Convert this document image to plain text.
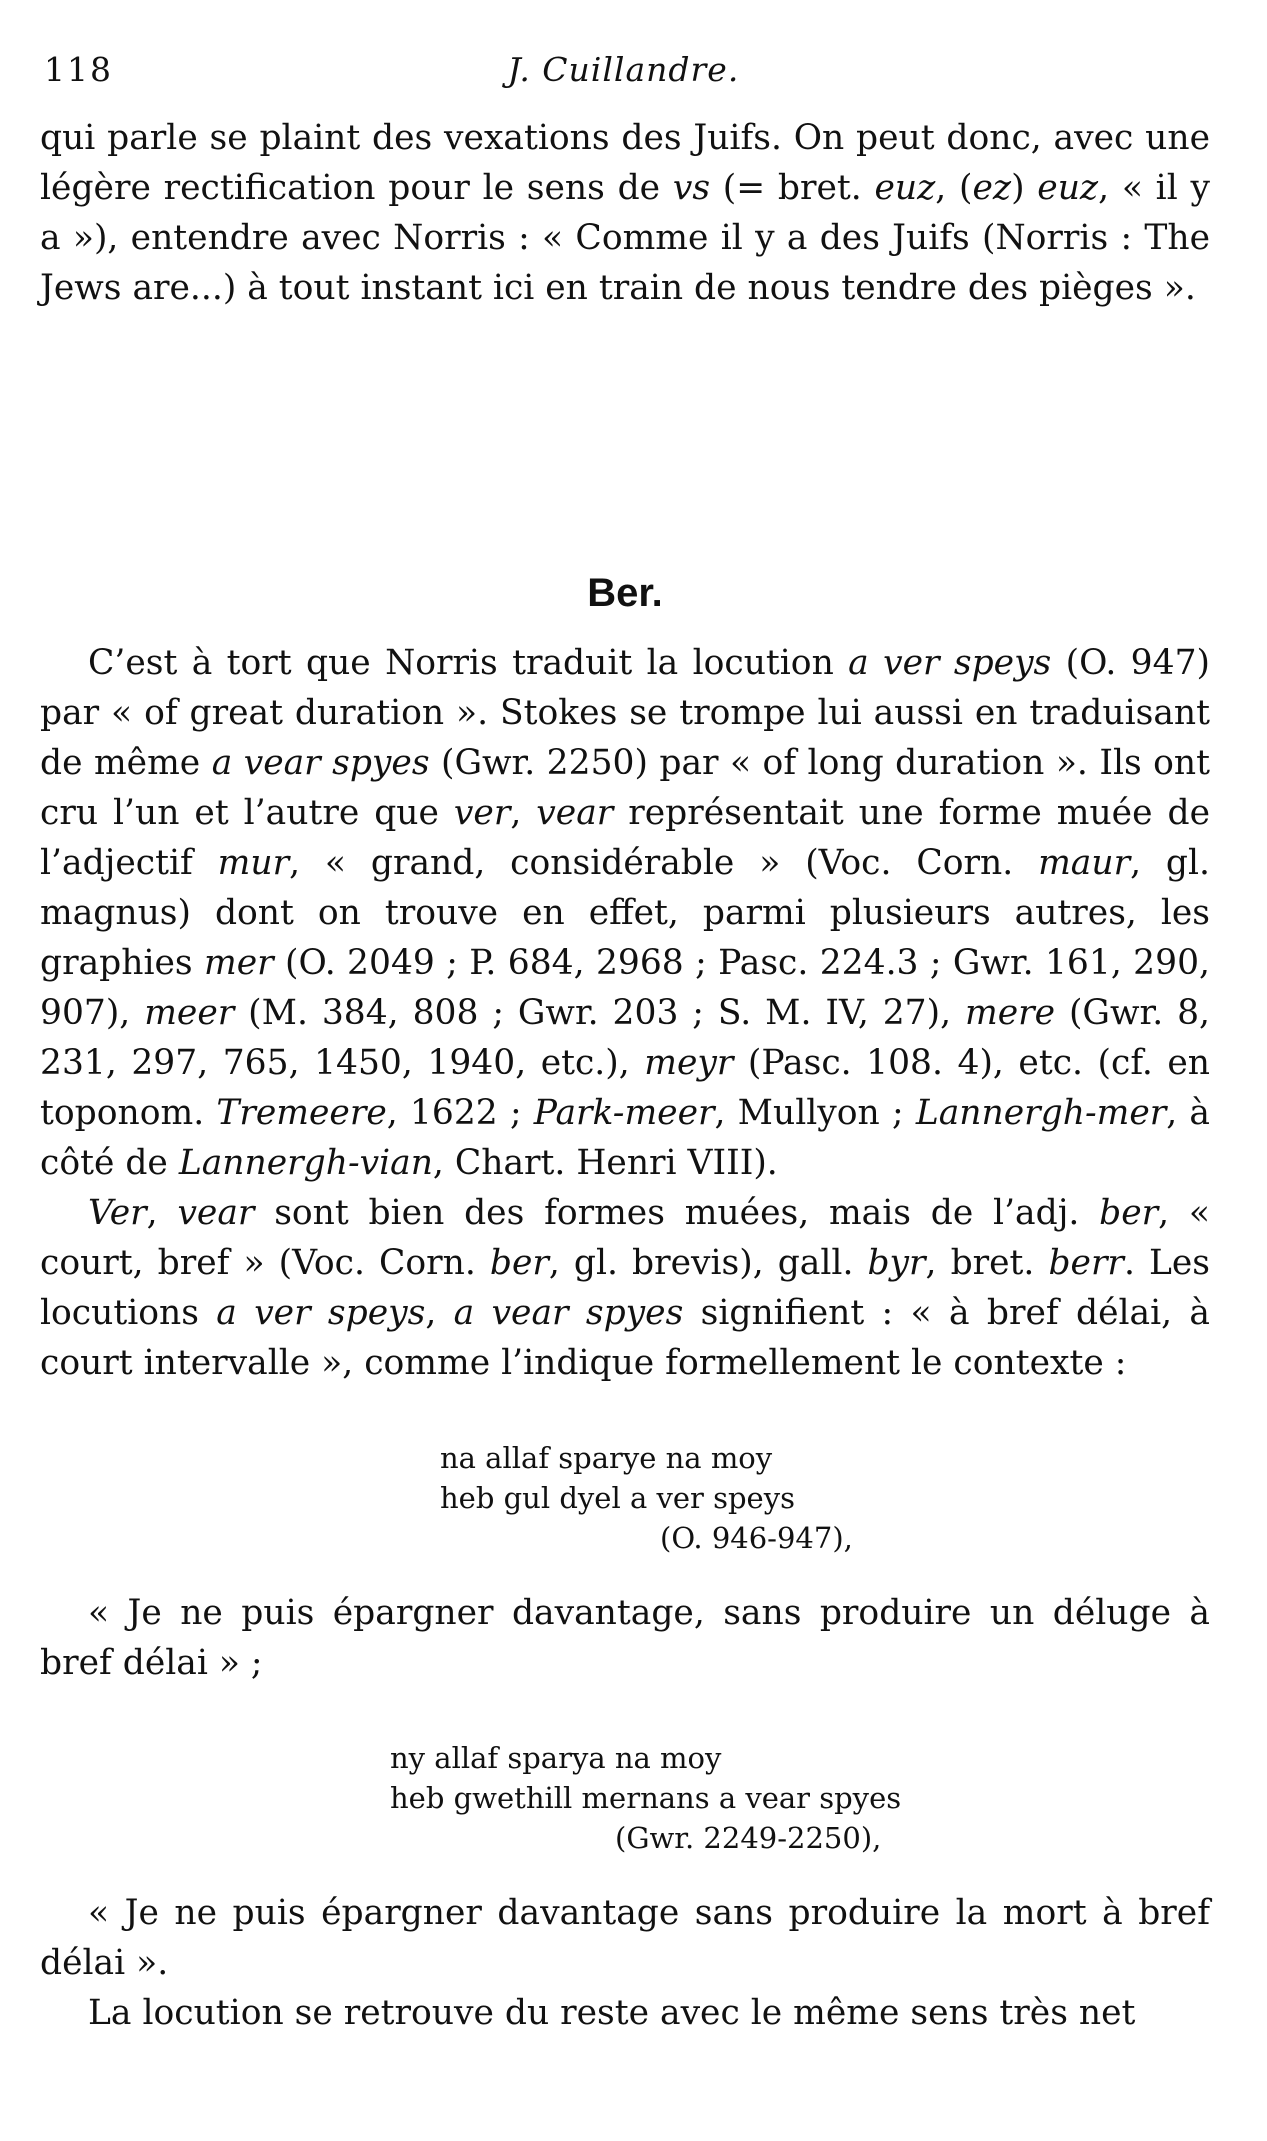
118	J. Cuillandre.

qui parle se plaint des vexations des Juifs. On peut donc, avec une légère rectification pour le sens de vs (= bret. euz, (ez) euz, « il y a »), entendre avec Norris : « Comme il y a des Juifs (Norris : The Jews are...) à tout instant ici en train de nous tendre des pièges ».

Ber.

C’est à tort que Norris traduit la locution a ver speys (O. 947) par « of great duration ». Stokes se trompe lui aussi en traduisant de même a vear spyes (Gwr. 2250) par « of long duration ». Ils ont cru l’un et l’autre que ver, vear représentait une forme muée de l’adjectif mur, « grand, considérable » (Voc. Corn. maur, gl. magnus) dont on trouve en effet, parmi plusieurs autres, les graphies mer (O. 2049 ; P. 684, 2968 ; Pasc. 224.3 ; Gwr. 161, 290, 907), meer (M. 384, 808 ; Gwr. 203 ; S. M. IV, 27), mere (Gwr. 8, 231, 297, 765, 1450, 1940, etc.), meyr (Pasc. 108. 4), etc. (cf. en toponom. Tremeere, 1622 ; Park-meer, Mullyon ; Lannergh-mer, à côté de Lannergh-vian, Chart. Henri VIII).

Ver, vear sont bien des formes muées, mais de l’adj. ber, « court, bref » (Voc. Corn. ber, gl. brevis), gall. byr, bret. berr. Les locutions a ver speys, a vear spyes signifient : « à bref délai, à court intervalle », comme l’indique formellement le contexte :

na allaf sparye na moy
heb gul dyel a ver speys
(O. 946-947),

« Je ne puis épargner davantage, sans produire un déluge à bref délai » ;

ny allaf sparya na moy
heb gwethill mernans a vear spyes
(Gwr. 2249-2250),

« Je ne puis épargner davantage sans produire la mort à bref délai ».

La locution se retrouve du reste avec le même sens très net
